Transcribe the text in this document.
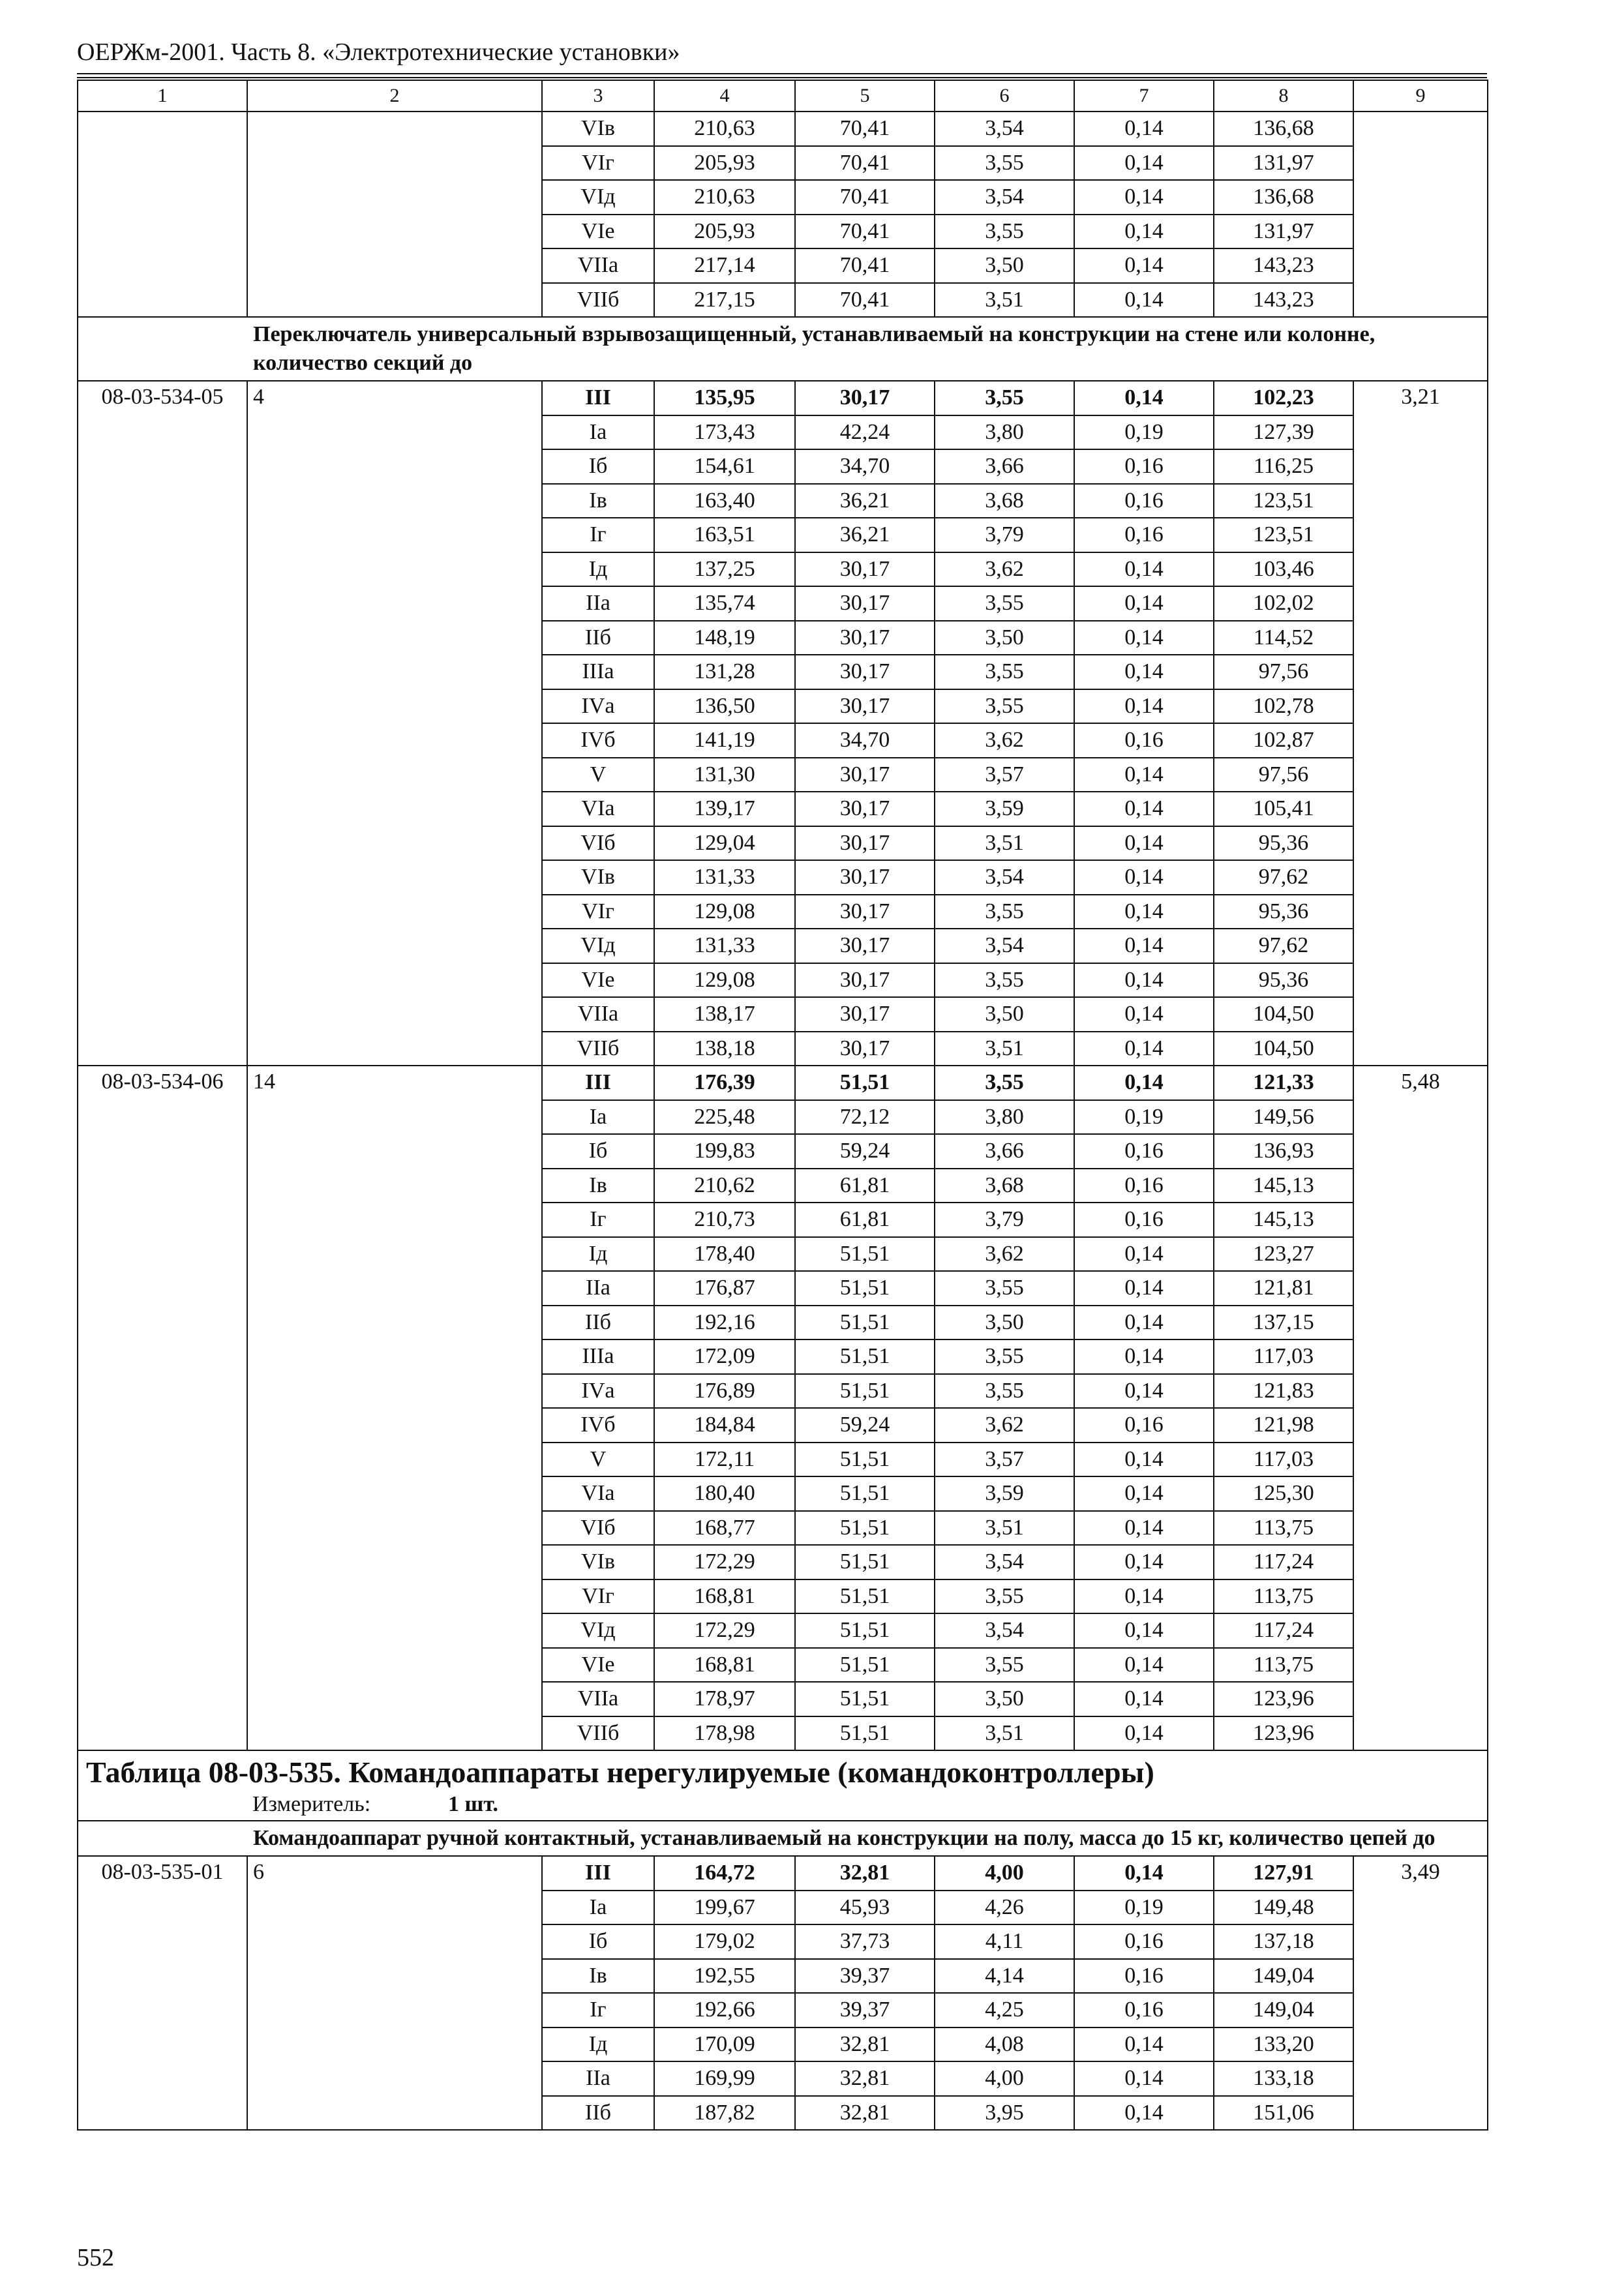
ОЕРЖм-2001. Часть 8. «Электротехнические установки»
1	2	3	4	5	6	7	8	9
		VIв	210,63	70,41	3,54	0,14	136,68	
		VIг	205,93	70,41	3,55	0,14	131,97	
		VIд	210,63	70,41	3,54	0,14	136,68	
		VIе	205,93	70,41	3,55	0,14	131,97	
		VIIа	217,14	70,41	3,50	0,14	143,23	
		VIIб	217,15	70,41	3,51	0,14	143,23	
Переключатель универсальный взрывозащищенный, устанавливаемый на конструкции на стене или колонне, количество секций до								
08-03-534-05	4	III	135,95	30,17	3,55	0,14	102,23	3,21
		Iа	173,43	42,24	3,80	0,19	127,39	
		Iб	154,61	34,70	3,66	0,16	116,25	
		Iв	163,40	36,21	3,68	0,16	123,51	
		Iг	163,51	36,21	3,79	0,16	123,51	
		Iд	137,25	30,17	3,62	0,14	103,46	
		IIа	135,74	30,17	3,55	0,14	102,02	
		IIб	148,19	30,17	3,50	0,14	114,52	
		IIIа	131,28	30,17	3,55	0,14	97,56	
		IVа	136,50	30,17	3,55	0,14	102,78	
		IVб	141,19	34,70	3,62	0,16	102,87	
		V	131,30	30,17	3,57	0,14	97,56	
		VIа	139,17	30,17	3,59	0,14	105,41	
		VIб	129,04	30,17	3,51	0,14	95,36	
		VIв	131,33	30,17	3,54	0,14	97,62	
		VIг	129,08	30,17	3,55	0,14	95,36	
		VIд	131,33	30,17	3,54	0,14	97,62	
		VIе	129,08	30,17	3,55	0,14	95,36	
		VIIа	138,17	30,17	3,50	0,14	104,50	
		VIIб	138,18	30,17	3,51	0,14	104,50	
08-03-534-06	14	III	176,39	51,51	3,55	0,14	121,33	5,48
		Iа	225,48	72,12	3,80	0,19	149,56	
		Iб	199,83	59,24	3,66	0,16	136,93	
		Iв	210,62	61,81	3,68	0,16	145,13	
		Iг	210,73	61,81	3,79	0,16	145,13	
		Iд	178,40	51,51	3,62	0,14	123,27	
		IIа	176,87	51,51	3,55	0,14	121,81	
		IIб	192,16	51,51	3,50	0,14	137,15	
		IIIа	172,09	51,51	3,55	0,14	117,03	
		IVа	176,89	51,51	3,55	0,14	121,83	
		IVб	184,84	59,24	3,62	0,16	121,98	
		V	172,11	51,51	3,57	0,14	117,03	
		VIа	180,40	51,51	3,59	0,14	125,30	
		VIб	168,77	51,51	3,51	0,14	113,75	
		VIв	172,29	51,51	3,54	0,14	117,24	
		VIг	168,81	51,51	3,55	0,14	113,75	
		VIд	172,29	51,51	3,54	0,14	117,24	
		VIе	168,81	51,51	3,55	0,14	113,75	
		VIIа	178,97	51,51	3,50	0,14	123,96	
		VIIб	178,98	51,51	3,51	0,14	123,96	

Таблица 08-03-535. Командоаппараты нерегулируемые (командоконтроллеры)
Измеритель: 1 шт.								

Командоаппарат ручной контактный, устанавливаемый на конструкции на полу, масса до 15 кг, количество цепей до								
08-03-535-01	6	III	164,72	32,81	4,00	0,14	127,91	3,49
		Iа	199,67	45,93	4,26	0,19	149,48	
		Iб	179,02	37,73	4,11	0,16	137,18	
		Iв	192,55	39,37	4,14	0,16	149,04	
		Iг	192,66	39,37	4,25	0,16	149,04	
		Iд	170,09	32,81	4,08	0,14	133,20	
		IIа	169,99	32,81	4,00	0,14	133,18	
		IIб	187,82	32,81	3,95	0,14	151,06	
552
